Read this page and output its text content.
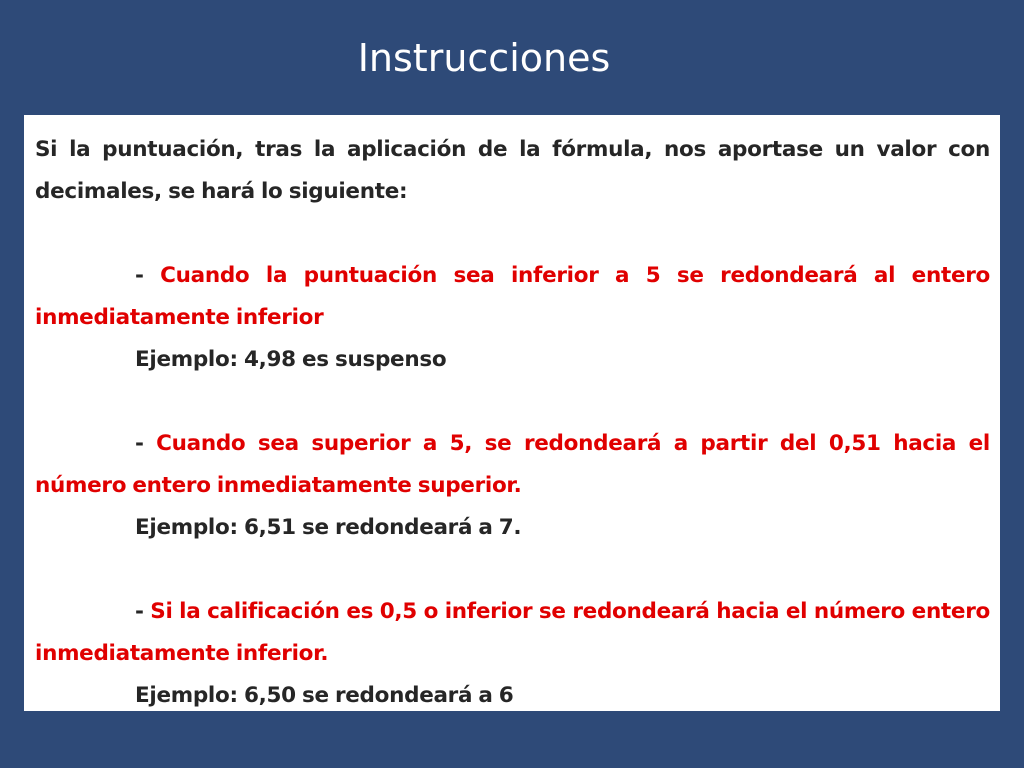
Instrucciones

Si la puntuación, tras la aplicación de la fórmula, nos aportase un valor con decimales, se hará lo siguiente:

- Cuando la puntuación sea inferior a 5 se redondeará al entero inmediatamente inferior

Ejemplo: 4,98 es suspenso

- Cuando sea superior a 5, se redondeará a partir del 0,51 hacia el número entero inmediatamente superior.

Ejemplo: 6,51 se redondeará a 7.

- Si la calificación es 0,5 o inferior se redondeará hacia el número entero inmediatamente inferior.

Ejemplo: 6,50 se redondeará a 6
